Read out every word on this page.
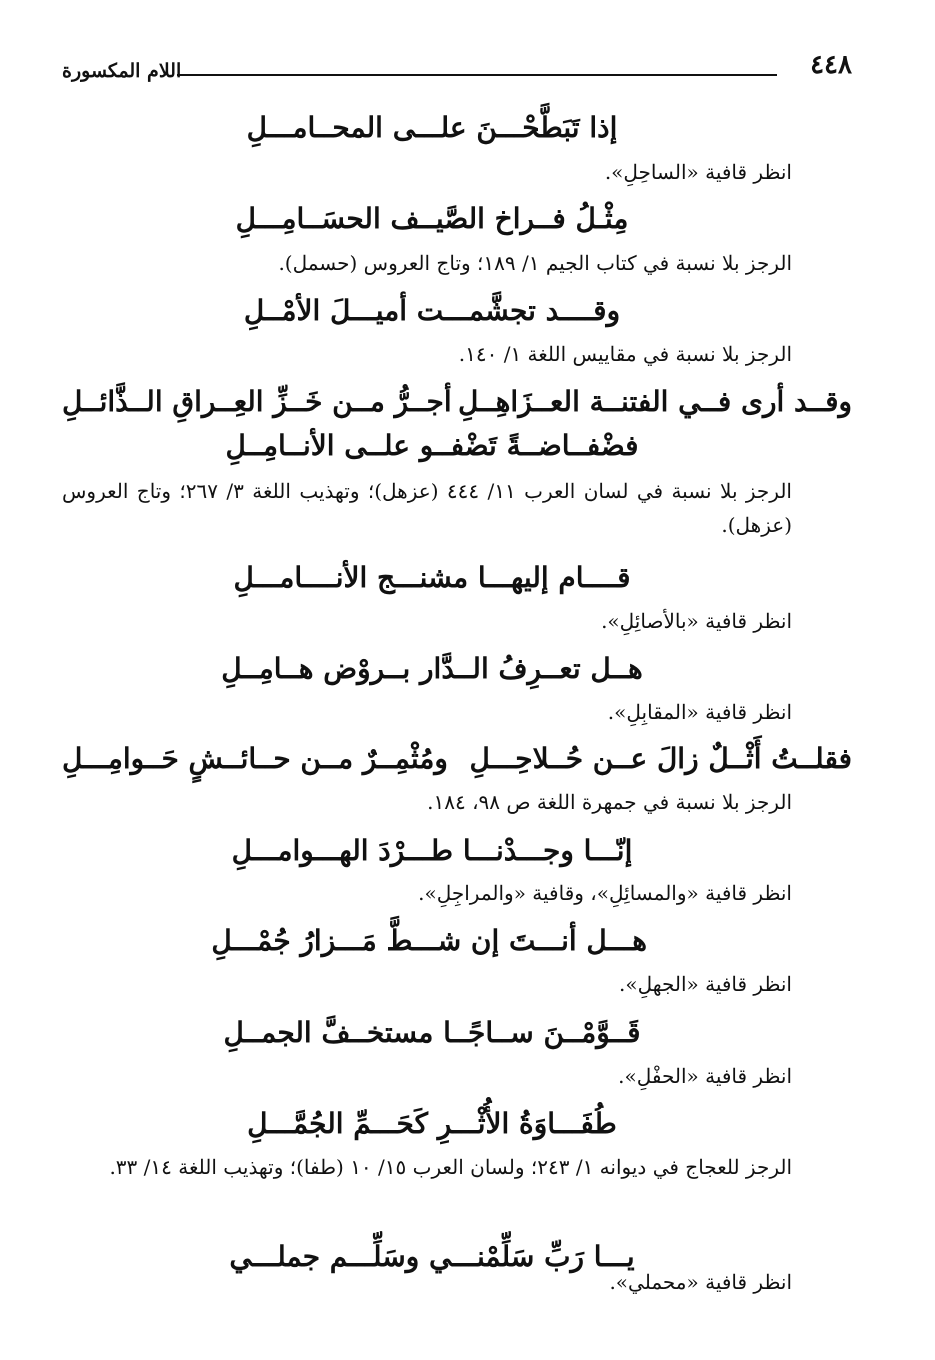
٤٤٨
اللام المكسورة

إذا تَبَطَّحْـــنَ علـــى المحــامـــلِ

انظر قافية «الساحِلِ».

مِثْـلُ فــراخ الصَّيــف الحسَــامِـــلِ

الرجز بلا نسبة في كتاب الجيم ١/ ١٨٩؛ وتاج العروس (حسمل).

وقــــد تجشَّمـــت أميـــلَ الأمْــلِ

الرجز بلا نسبة في مقاييس اللغة ١/ ١٤٠.

وقــد أرى فــي الفتنــة العــزَاهِــلِ
أجــرُّ مــن خَــزِّ العِــراقِ الــذَّائــلِ

فضْفــاضــةً تَضْفــو علــى الأنــامِــلِ

الرجز بلا نسبة في لسان العرب ١١/ ٤٤٤ (عزهل)؛ وتهذيب اللغة ٣/ ٢٦٧؛ وتاج العروس (عزهل).

قــــام إليهـــا مشنـــج الأنــــامـــلِ

انظر قافية «بالأصائِلِ».

هــل تعــرِفُ الــدَّار بــروْض هــامِــلِ

انظر قافية «المقابِلِ».

فقلــتُ أَثْــلٌ زالَ عــن حُــلاحِـــلِ
ومُثْمِــرٌ مــن حــائــشٍ حَــوامِـــلِ

الرجز بلا نسبة في جمهرة اللغة ص ٩٨، ١٨٤.

إنّـــا وجـــدْنـــا طـــرْدَ الهـــوامـــلِ

انظر قافية «والمسائِلِ»، وقافية «والمراجِلِ».

هـــل أنـــتَ إن شـــطَّ مَـــزارُ جُمْـــلِ

انظر قافية «الجهلِ».

قَــوَّمْــنَ ســاجًــا مستخــفَّ الجمــلِ

انظر قافية «الحفْلِ».

طُفَـــاوَةُ الأُثْـــرِ كَحَـــمِّ الجُمَّـــلِ

الرجز للعجاج في ديوانه ١/ ٢٤٣؛ ولسان العرب ١٥/ ١٠ (طفا)؛ وتهذيب اللغة ١٤/ ٣٣.

يـــا رَبِّ سَلِّمْنـــي وسَلِّـــم جملـــي

انظر قافية «محملي».
